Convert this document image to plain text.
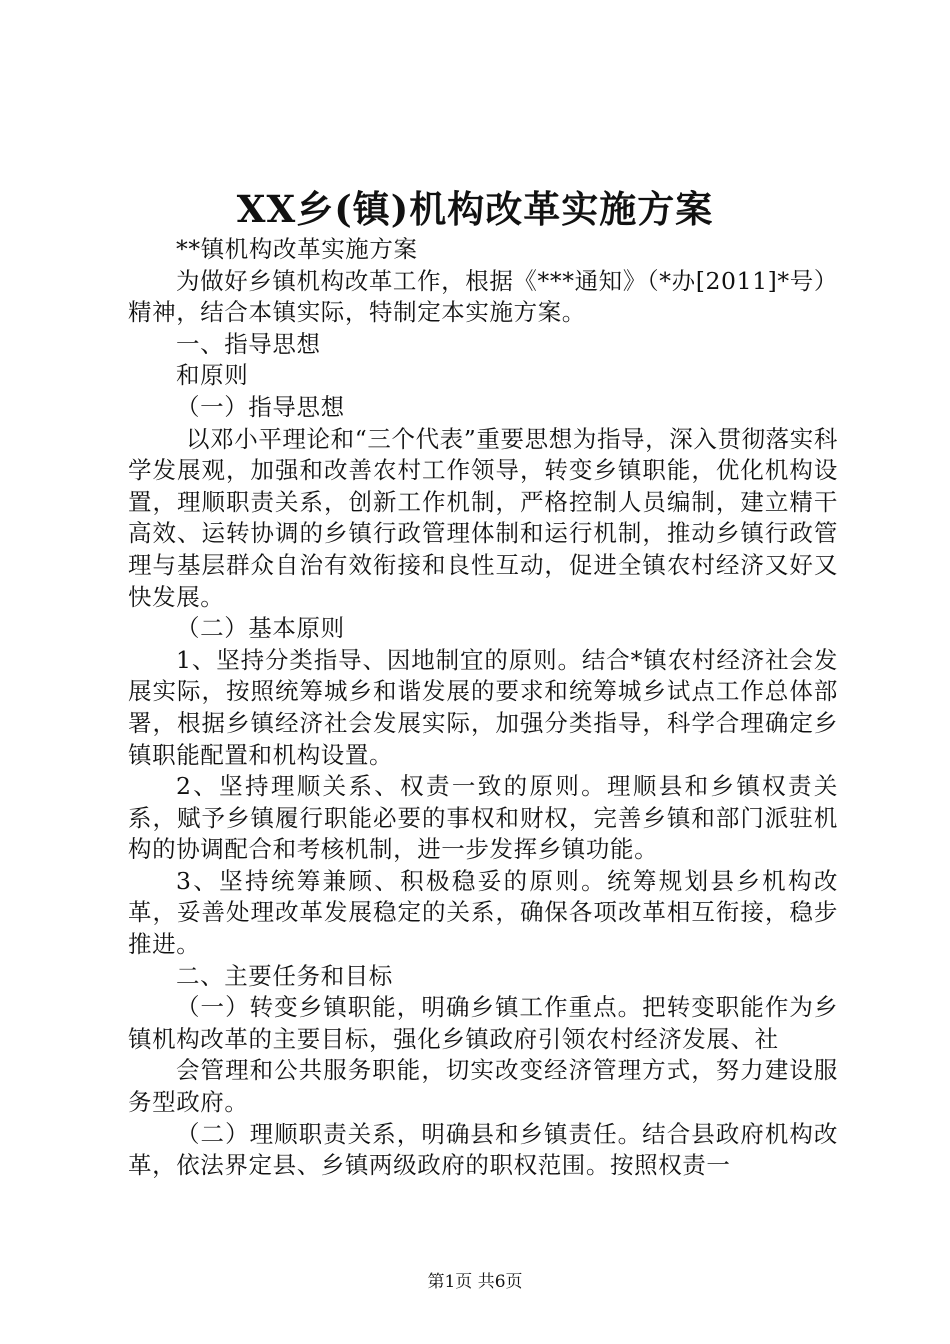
XX乡(镇)机构改革实施方案

**镇机构改革实施方案

为做好乡镇机构改革工作，根据《***通知》（*办[2011]*号）精神，结合本镇实际，特制定本实施方案。

一、指导思想

和原则

（一）指导思想

以邓小平理论和“三个代表”重要思想为指导，深入贯彻落实科学发展观，加强和改善农村工作领导，转变乡镇职能，优化机构设置，理顺职责关系，创新工作机制，严格控制人员编制，建立精干高效、运转协调的乡镇行政管理体制和运行机制，推动乡镇行政管理与基层群众自治有效衔接和良性互动，促进全镇农村经济又好又快发展。

（二）基本原则

1、坚持分类指导、因地制宜的原则。结合*镇农村经济社会发展实际，按照统筹城乡和谐发展的要求和统筹城乡试点工作总体部署，根据乡镇经济社会发展实际，加强分类指导，科学合理确定乡镇职能配置和机构设置。

2、坚持理顺关系、权责一致的原则。理顺县和乡镇权责关系，赋予乡镇履行职能必要的事权和财权，完善乡镇和部门派驻机构的协调配合和考核机制，进一步发挥乡镇功能。

3、坚持统筹兼顾、积极稳妥的原则。统筹规划县乡机构改革，妥善处理改革发展稳定的关系，确保各项改革相互衔接，稳步推进。

二、主要任务和目标

（一）转变乡镇职能，明确乡镇工作重点。把转变职能作为乡镇机构改革的主要目标，强化乡镇政府引领农村经济发展、社

会管理和公共服务职能，切实改变经济管理方式，努力建设服务型政府。

（二）理顺职责关系，明确县和乡镇责任。结合县政府机构改革，依法界定县、乡镇两级政府的职权范围。按照权责一

第1页 共6页
